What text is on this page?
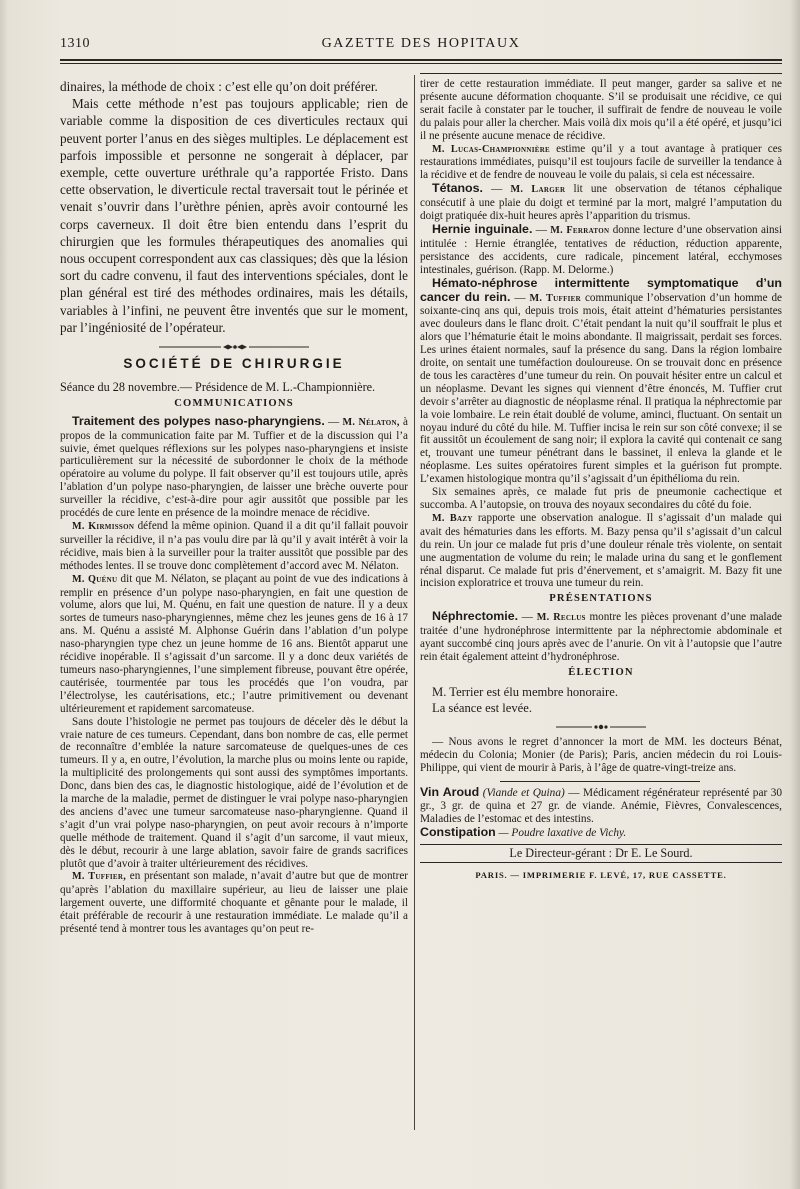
1310	GAZETTE DES HOPITAUX

dinaires, la méthode de choix : c’est elle qu’on doit préférer.

Mais cette méthode n’est pas toujours applicable; rien de variable comme la disposition de ces diverticules rectaux qui peuvent porter l’anus en des sièges multiples. Le déplacement est parfois impossible et personne ne songerait à déplacer, par exemple, cette ouverture uréthrale qu’a rapportée Fristo. Dans cette observation, le diverticule rectal traversait tout le périnée et venait s’ouvrir dans l’urèthre pénien, après avoir contourné les corps caverneux. Il doit être bien entendu dans l’esprit du chirurgien que les formules thérapeutiques des anomalies qui nous occupent correspondent aux cas classiques; dès que la lésion sort du cadre convenu, il faut des interventions spéciales, dont le plan général est tiré des méthodes ordinaires, mais les détails, variables à l’infini, ne peuvent être inventés que sur le moment, par l’ingéniosité de l’opérateur.

SOCIÉTÉ DE CHIRURGIE

Séance du 28 novembre.— Présidence de M. L.-Championnière.

COMMUNICATIONS

Traitement des polypes naso-pharyngiens. — M. Nélaton, à propos de la communication faite par M. Tuffier et de la discussion qui l’a suivie, émet quelques réflexions sur les polypes naso-pharyngiens et insiste particulièrement sur la nécessité de subordonner le choix de la méthode opératoire au volume du polype. Il fait observer qu’il est toujours utile, après l’ablation d’un polype naso-pharyngien, de laisser une brèche ouverte pour surveiller la récidive, c’est-à-dire pour agir aussitôt que possible par les procédés de cure lente en présence de la moindre menace de récidive.

M. Kirmisson défend la même opinion. Quand il a dit qu’il fallait pouvoir surveiller la récidive, il n’a pas voulu dire par là qu’il y avait intérêt à voir la récidive, mais bien à la surveiller pour la traiter aussitôt que possible par des méthodes lentes. Il se trouve donc complètement d’accord avec M. Nélaton.

M. Quénu dit que M. Nélaton, se plaçant au point de vue des indications à remplir en présence d’un polype naso-pharyngien, en fait une question de volume, alors que lui, M. Quénu, en fait une question de nature. Il y a deux sortes de tumeurs naso-pharyngiennes, même chez les jeunes gens de 16 à 17 ans. M. Quénu a assisté M. Alphonse Guérin dans l’ablation d’un polype naso-pharyngien type chez un jeune homme de 16 ans. Bientôt apparut une récidive inopérable. Il s’agissait d’un sarcome. Il y a donc deux variétés de tumeurs naso-pharyngiennes, l’une simplement fibreuse, pouvant être opérée, cautérisée, tourmentée par tous les procédés que l’on voudra, par l’électrolyse, les cautérisations, etc.; l’autre primitivement ou devenant ultérieurement et rapidement sarcomateuse.

Sans doute l’histologie ne permet pas toujours de déceler dès le début la vraie nature de ces tumeurs. Cependant, dans bon nombre de cas, elle permet de reconnaître d’emblée la nature sarcomateuse de quelques-unes de ces tumeurs. Il y a, en outre, l’évolution, la marche plus ou moins lente ou rapide, la multiplicité des prolongements qui sont aussi des symptômes importants. Donc, dans bien des cas, le diagnostic histologique, aidé de l’évolution et de la marche de la maladie, permet de distinguer le vrai polype naso-pharyngien des anciens d’avec une tumeur sarcomateuse naso-pharyngienne. Quand il s’agit d’un vrai polype naso-pharyngien, on peut avoir recours à n’importe quelle méthode de traitement. Quand il s’agit d’un sarcome, il vaut mieux, dès le début, recourir à une large ablation, savoir faire de grands sacrifices plutôt que d’avoir à traiter ultérieurement des récidives.

M. Tuffier, en présentant son malade, n’avait d’autre but que de montrer qu’après l’ablation du maxillaire supérieur, au lieu de laisser une plaie largement ouverte, une difformité choquante et gênante pour le malade, il était préférable de recourir à une restauration immédiate. Le malade qu’il a présenté tend à montrer tous les avantages qu’on peut re-

tirer de cette restauration immédiate. Il peut manger, garder sa salive et ne présente aucune déformation choquante. S’il se produisait une récidive, ce qui serait facile à constater par le toucher, il suffirait de fendre de nouveau le voile du palais pour aller la chercher. Mais voilà dix mois qu’il a été opéré, et jusqu’ici il ne présente aucune menace de récidive.

M. Lucas-Championnière estime qu’il y a tout avantage à pratiquer ces restaurations immédiates, puisqu’il est toujours facile de surveiller la tendance à la récidive et de fendre de nouveau le voile du palais, si cela est nécessaire.

Tétanos. — M. Larger lit une observation de tétanos céphalique consécutif à une plaie du doigt et terminé par la mort, malgré l’amputation du doigt pratiquée dix-huit heures après l’apparition du trismus.

Hernie inguinale. — M. Ferraton donne lecture d’une observation ainsi intitulée : Hernie étranglée, tentatives de réduction, réduction apparente, persistance des accidents, cure radicale, pincement latéral, ecchymoses intestinales, guérison. (Rapp. M. Delorme.)

Hémato-néphrose intermittente symptomatique d’un cancer du rein. — M. Tuffier communique l’observation d’un homme de soixante-cinq ans qui, depuis trois mois, était atteint d’hématuries persistantes avec douleurs dans le flanc droit. C’était pendant la nuit qu’il souffrait le plus et alors que l’hématurie était le moins abondante. Il maigrissait, perdait ses forces. Les urines étaient normales, sauf la présence du sang. Dans la région lombaire droite, on sentait une tuméfaction douloureuse. On se trouvait donc en présence de tous les caractères d’une tumeur du rein. On pouvait hésiter entre un calcul et un néoplasme. Devant les signes qui viennent d’être énoncés, M. Tuffier crut devoir s’arrêter au diagnostic de néoplasme rénal. Il pratiqua la néphrectomie par la voie lombaire. Le rein était doublé de volume, aminci, fluctuant. On sentait un noyau induré du côté du hile. M. Tuffier incisa le rein sur son côté convexe; il se fit aussitôt un écoulement de sang noir; il explora la cavité qui contenait ce sang et, trouvant une tumeur pénétrant dans le bassinet, il enleva la glande et le néoplasme. Les suites opératoires furent simples et la guérison fut prompte. L’examen histologique montra qu’il s’agissait d’un épithélioma du rein.

Six semaines après, ce malade fut pris de pneumonie cachectique et succomba. A l’autopsie, on trouva des noyaux secondaires du côté du foie.

M. Bazy rapporte une observation analogue. Il s’agissait d’un malade qui avait des hématuries dans les efforts. M. Bazy pensa qu’il s’agissait d’un calcul du rein. Un jour ce malade fut pris d’une douleur rénale très violente, on sentait une augmentation de volume du rein; le malade urina du sang et le gonflement rénal disparut. Ce malade fut pris d’énervement, et s’amaigrit. M. Bazy fit une incision exploratrice et trouva une tumeur du rein.

PRÉSENTATIONS

Néphrectomie. — M. Reclus montre les pièces provenant d’une malade traitée d’une hydronéphrose intermittente par la néphrectomie abdominale et ayant succombé cinq jours après avec de l’anurie. On vit à l’autopsie que l’autre rein était également atteint d’hydronéphrose.

ÉLECTION

M. Terrier est élu membre honoraire.

La séance est levée.

— Nous avons le regret d’annoncer la mort de MM. les docteurs Bénat, médecin du Colonia; Monier (de Paris); Paris, ancien médecin du roi Louis-Philippe, qui vient de mourir à Paris, à l’âge de quatre-vingt-treize ans.

Vin Aroud (Viande et Quina) — Médicament régénérateur représenté par 30 gr., 3 gr. de quina et 27 gr. de viande. Anémie, Fièvres, Convalescences, Maladies de l’estomac et des intestins.

Constipation — Poudre laxative de Vichy.

Le Directeur-gérant : Dr E. Le Sourd.
PARIS. — IMPRIMERIE F. LEVÉ, 17, RUE CASSETTE.
